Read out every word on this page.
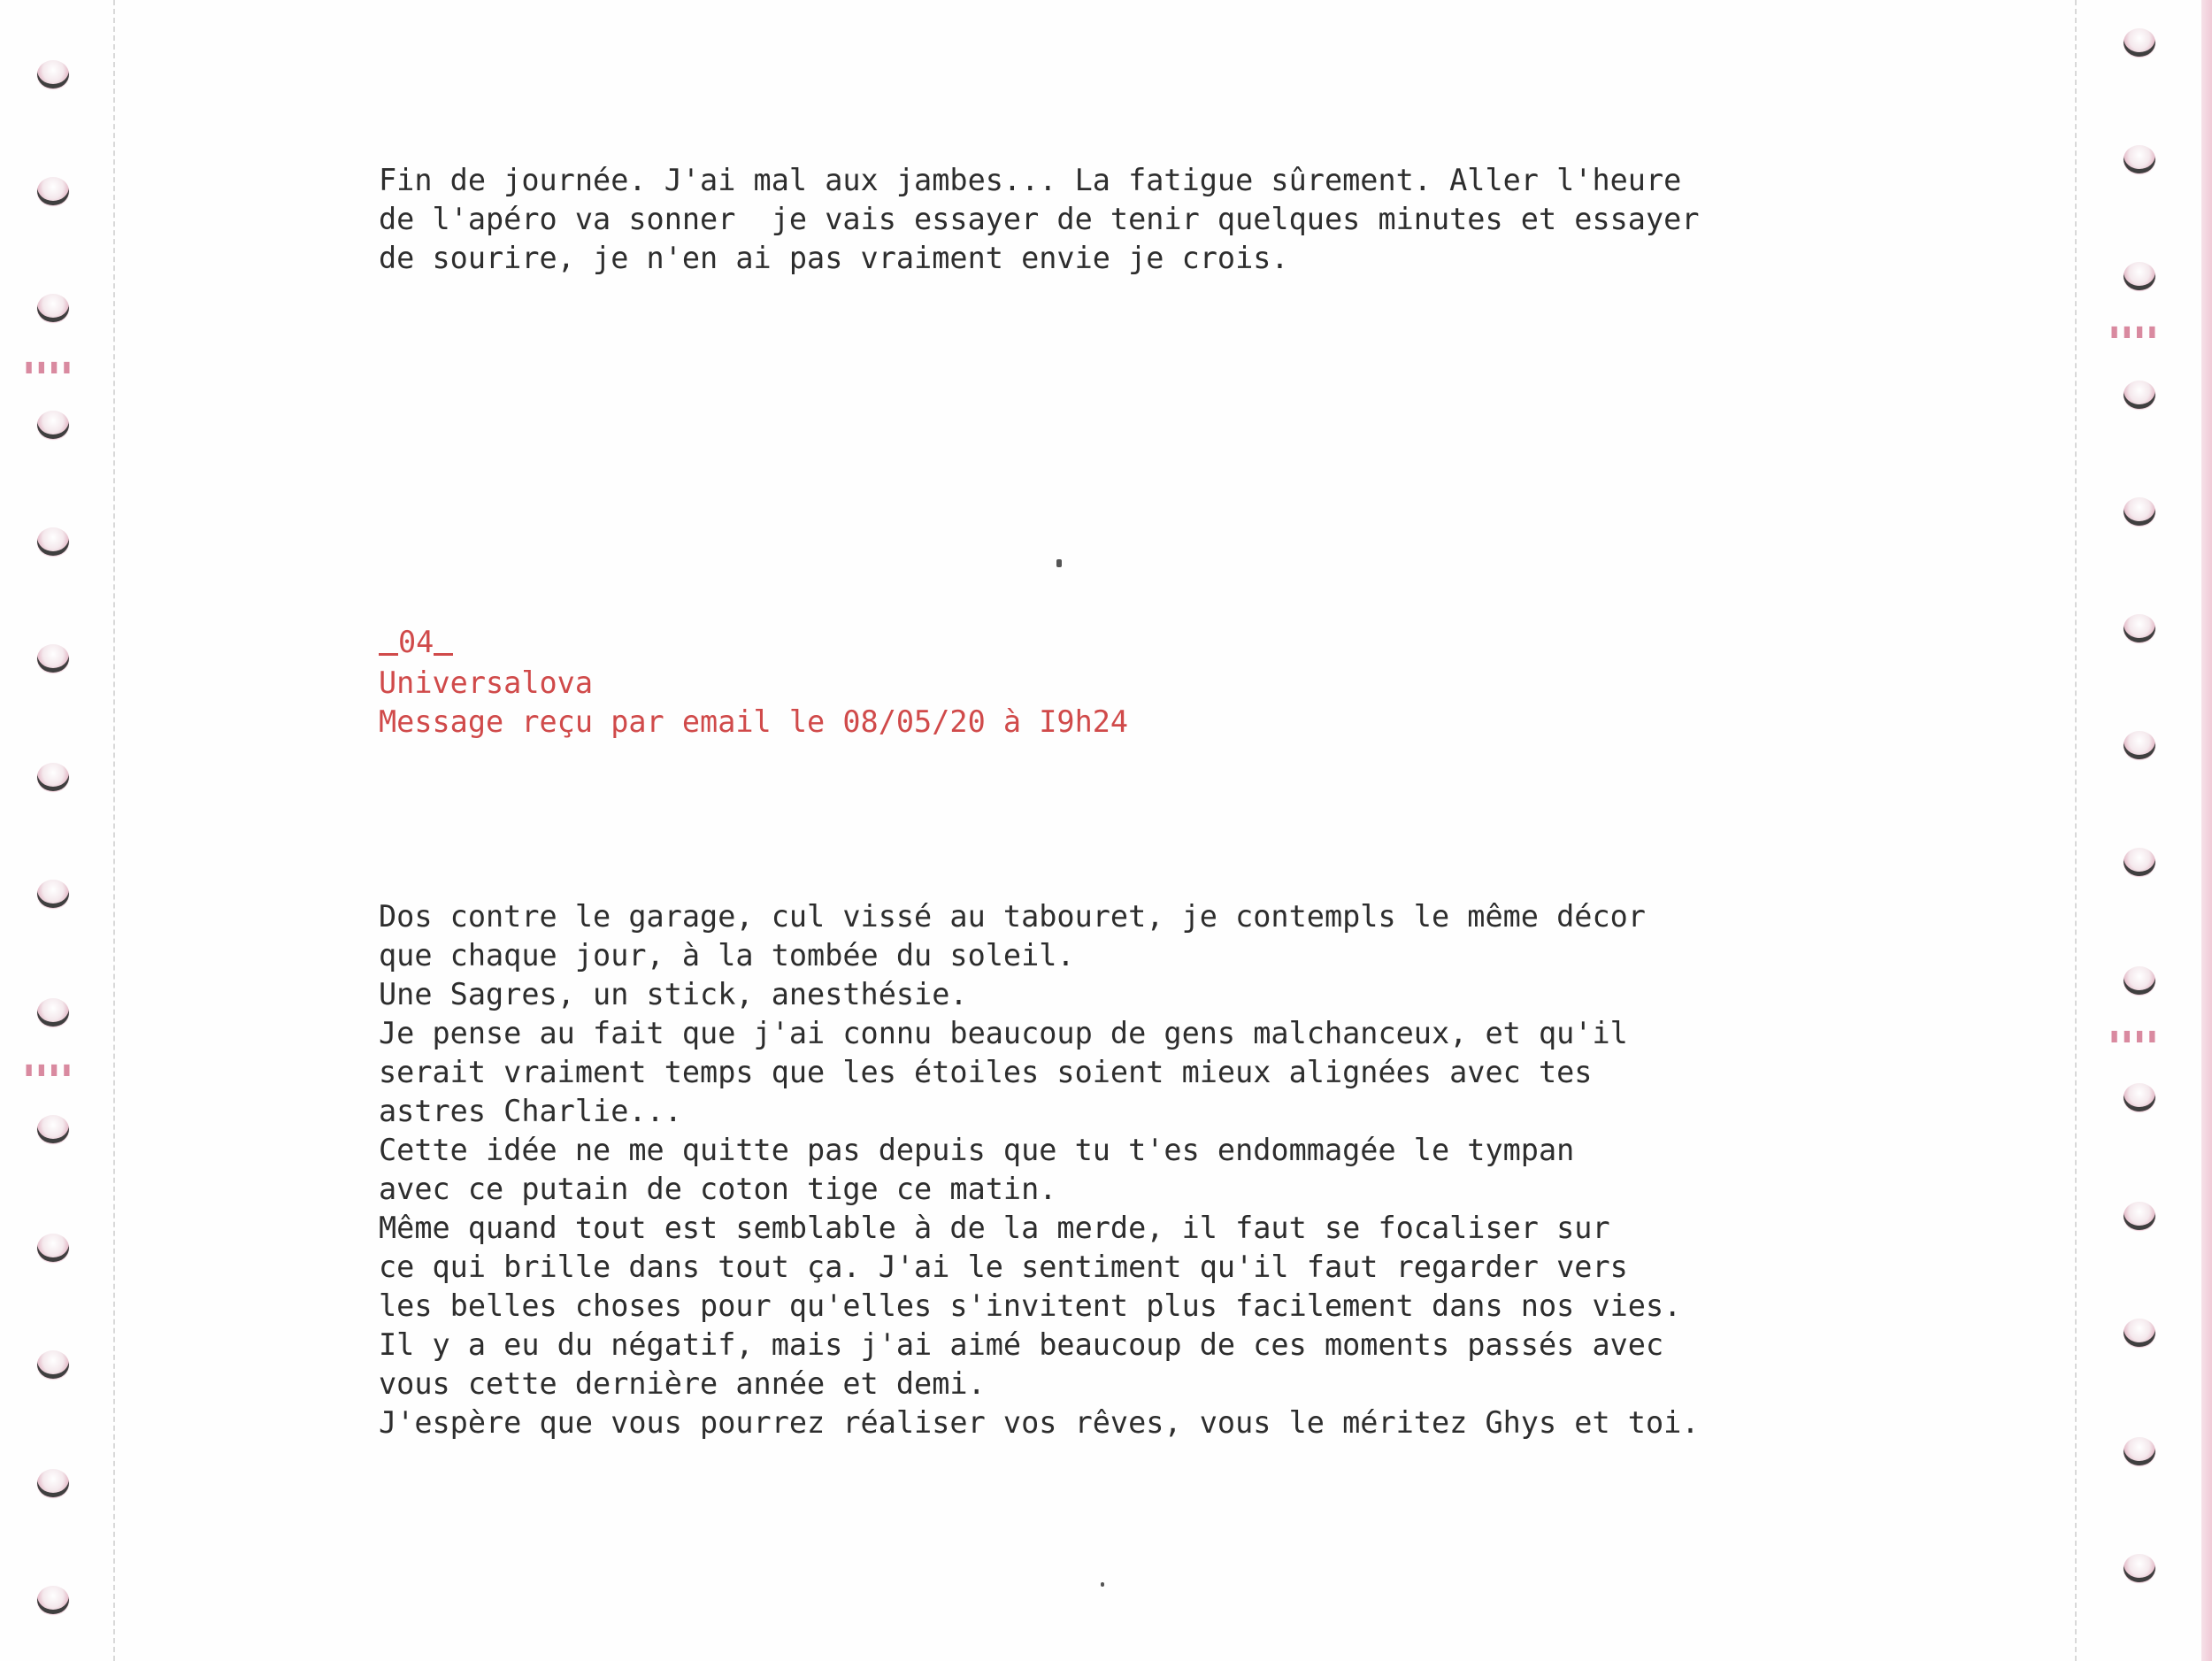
▮▮▮▮
▮▮▮▮
▮▮▮▮
▮▮▮▮
Fin de journée. J'ai mal aux jambes... La fatigue sûrement. Aller l'heure
de l'apéro va sonner  je vais essayer de tenir quelques minutes et essayer
de sourire, je n'en ai pas vraiment envie je crois.
04
Universalova
Message reçu par email le 08/05/20 à I9h24
Dos contre le garage, cul vissé au tabouret, je contempls le même décor
que chaque jour, à la tombée du soleil.
Une Sagres, un stick, anesthésie.
Je pense au fait que j'ai connu beaucoup de gens malchanceux, et qu'il
serait vraiment temps que les étoiles soient mieux alignées avec tes
astres Charlie...
Cette idée ne me quitte pas depuis que tu t'es endommagée le tympan
avec ce putain de coton tige ce matin.
Même quand tout est semblable à de la merde, il faut se focaliser sur
ce qui brille dans tout ça. J'ai le sentiment qu'il faut regarder vers
les belles choses pour qu'elles s'invitent plus facilement dans nos vies.
Il y a eu du négatif, mais j'ai aimé beaucoup de ces moments passés avec
vous cette dernière année et demi.
J'espère que vous pourrez réaliser vos rêves, vous le méritez Ghys et toi.
